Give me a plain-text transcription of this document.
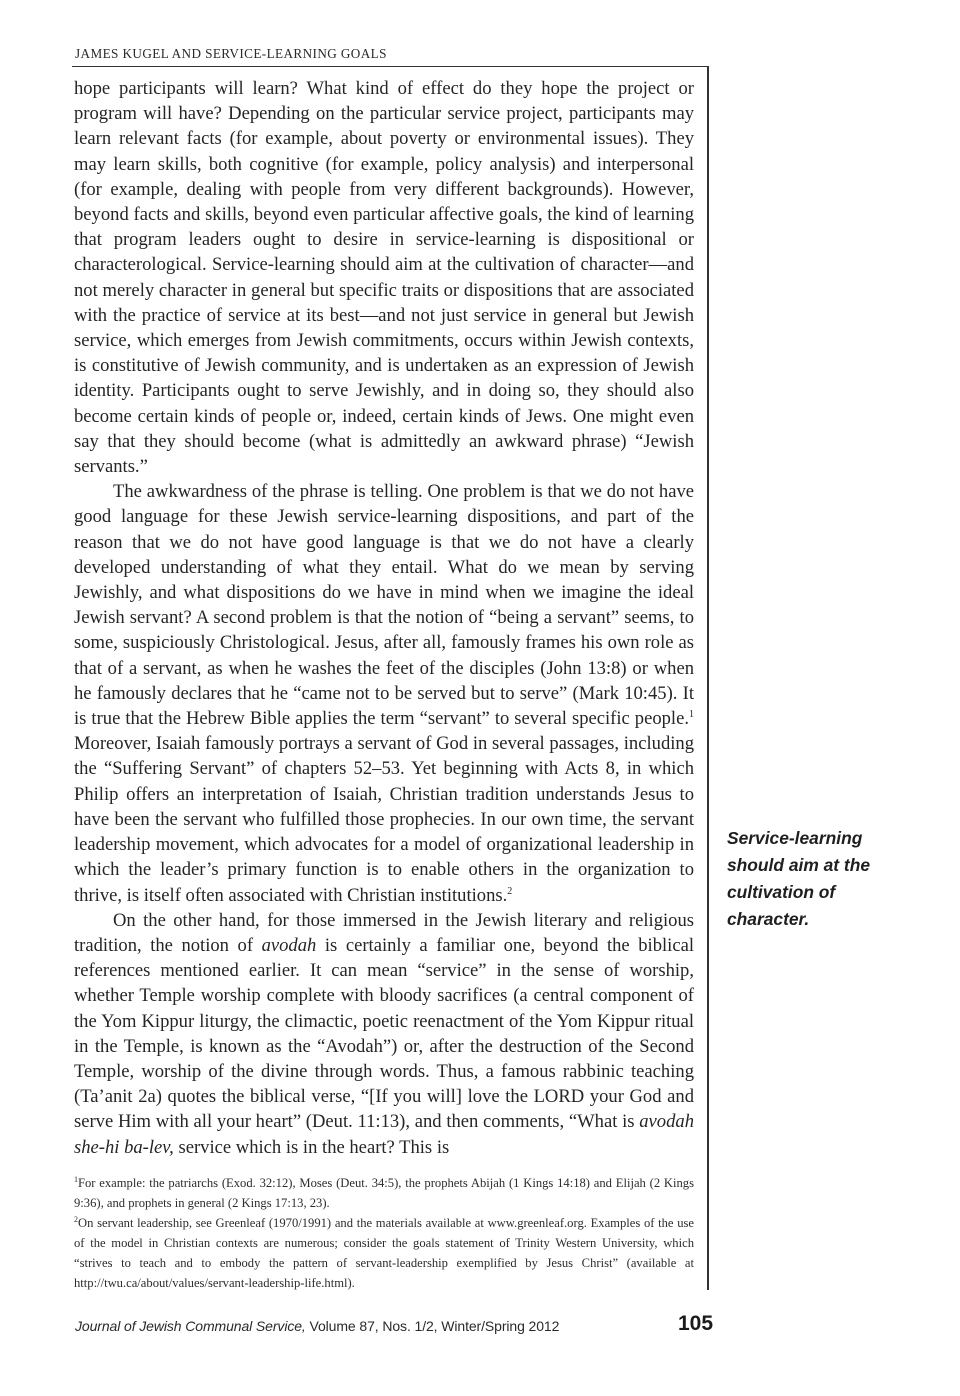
JAMES KUGEL AND SERVICE-LEARNING GOALS

hope participants will learn? What kind of effect do they hope the project or program will have? Depending on the particular service project, participants may learn relevant facts (for example, about poverty or environmental issues). They may learn skills, both cognitive (for example, policy analysis) and interpersonal (for example, dealing with people from very different backgrounds). However, beyond facts and skills, beyond even particular affective goals, the kind of learning that program leaders ought to desire in service-learning is dispositional or characterological. Service-learning should aim at the cultivation of character—and not merely character in general but specific traits or dispositions that are associated with the practice of service at its best—and not just service in general but Jewish service, which emerges from Jewish commitments, occurs within Jewish contexts, is constitutive of Jewish community, and is undertaken as an expression of Jewish identity. Participants ought to serve Jewishly, and in doing so, they should also become certain kinds of people or, indeed, certain kinds of Jews. One might even say that they should become (what is admittedly an awkward phrase) “Jewish servants.”

The awkwardness of the phrase is telling. One problem is that we do not have good language for these Jewish service-learning dispositions, and part of the reason that we do not have good language is that we do not have a clearly developed understanding of what they entail. What do we mean by serving Jewishly, and what dispositions do we have in mind when we imagine the ideal Jewish servant? A second problem is that the notion of “being a servant” seems, to some, suspiciously Christological. Jesus, after all, famously frames his own role as that of a servant, as when he washes the feet of the disciples (John 13:8) or when he famously declares that he “came not to be served but to serve” (Mark 10:45). It is true that the Hebrew Bible applies the term “servant” to several specific people.$^1$ Moreover, Isaiah famously portrays a servant of God in several passages, including the “Suffering Servant” of chapters 52–53. Yet beginning with Acts 8, in which Philip offers an interpretation of Isaiah, Christian tradition understands Jesus to have been the servant who fulfilled those prophecies. In our own time, the servant leadership movement, which advocates for a model of organizational leadership in which the leader’s primary function is to enable others in the organization to thrive, is itself often associated with Christian institutions.$^2$

On the other hand, for those immersed in the Jewish literary and religious tradition, the notion of avodah is certainly a familiar one, beyond the biblical references mentioned earlier. It can mean “service” in the sense of worship, whether Temple worship complete with bloody sacrifices (a central component of the Yom Kippur liturgy, the climactic, poetic reenactment of the Yom Kippur ritual in the Temple, is known as the “Avodah”) or, after the destruction of the Second Temple, worship of the divine through words. Thus, a famous rabbinic teaching (Ta’anit 2a) quotes the biblical verse, “[If you will] love the LORD your God and serve Him with all your heart” (Deut. 11:13), and then comments, “What is avodah she-hi ba-lev, service which is in the heart? This is

$^1$For example: the patriarchs (Exod. 32:12), Moses (Deut. 34:5), the prophets Abijah (1 Kings 14:18) and Elijah (2 Kings 9:36), and prophets in general (2 Kings 17:13, 23).

$^2$On servant leadership, see Greenleaf (1970/1991) and the materials available at www.greenleaf.org. Examples of the use of the model in Christian contexts are numerous; consider the goals statement of Trinity Western University, which “strives to teach and to embody the pattern of servant-leadership exemplified by Jesus Christ” (available at http://twu.ca/about/values/servant-leadership-life.html).

Service-learning should aim at the cultivation of character.
Journal of Jewish Communal Service, Volume 87, Nos. 1/2, Winter/Spring 2012	105
